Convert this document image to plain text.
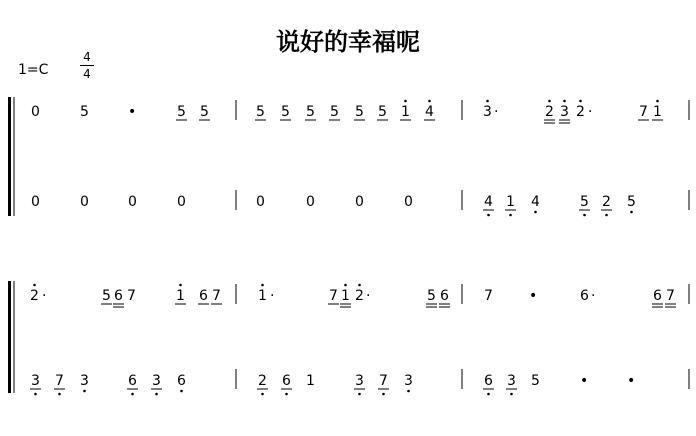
说好的幸福呢
1=C
4
4
0	5	•	5 5	5 5 5 5 5 5 1 4	3 ·	2 3 2 ·	7 1
0	0	0	0	0	0	0	0	4 1 4	5 2 5
2 ·	5 6 7	1 6 7	1 ·	7 1 2 ·	5 6	7	•	6 ·	6 7
3 7 3	6 3 6	2 6 1	3 7 3	6 3 5	•	•
